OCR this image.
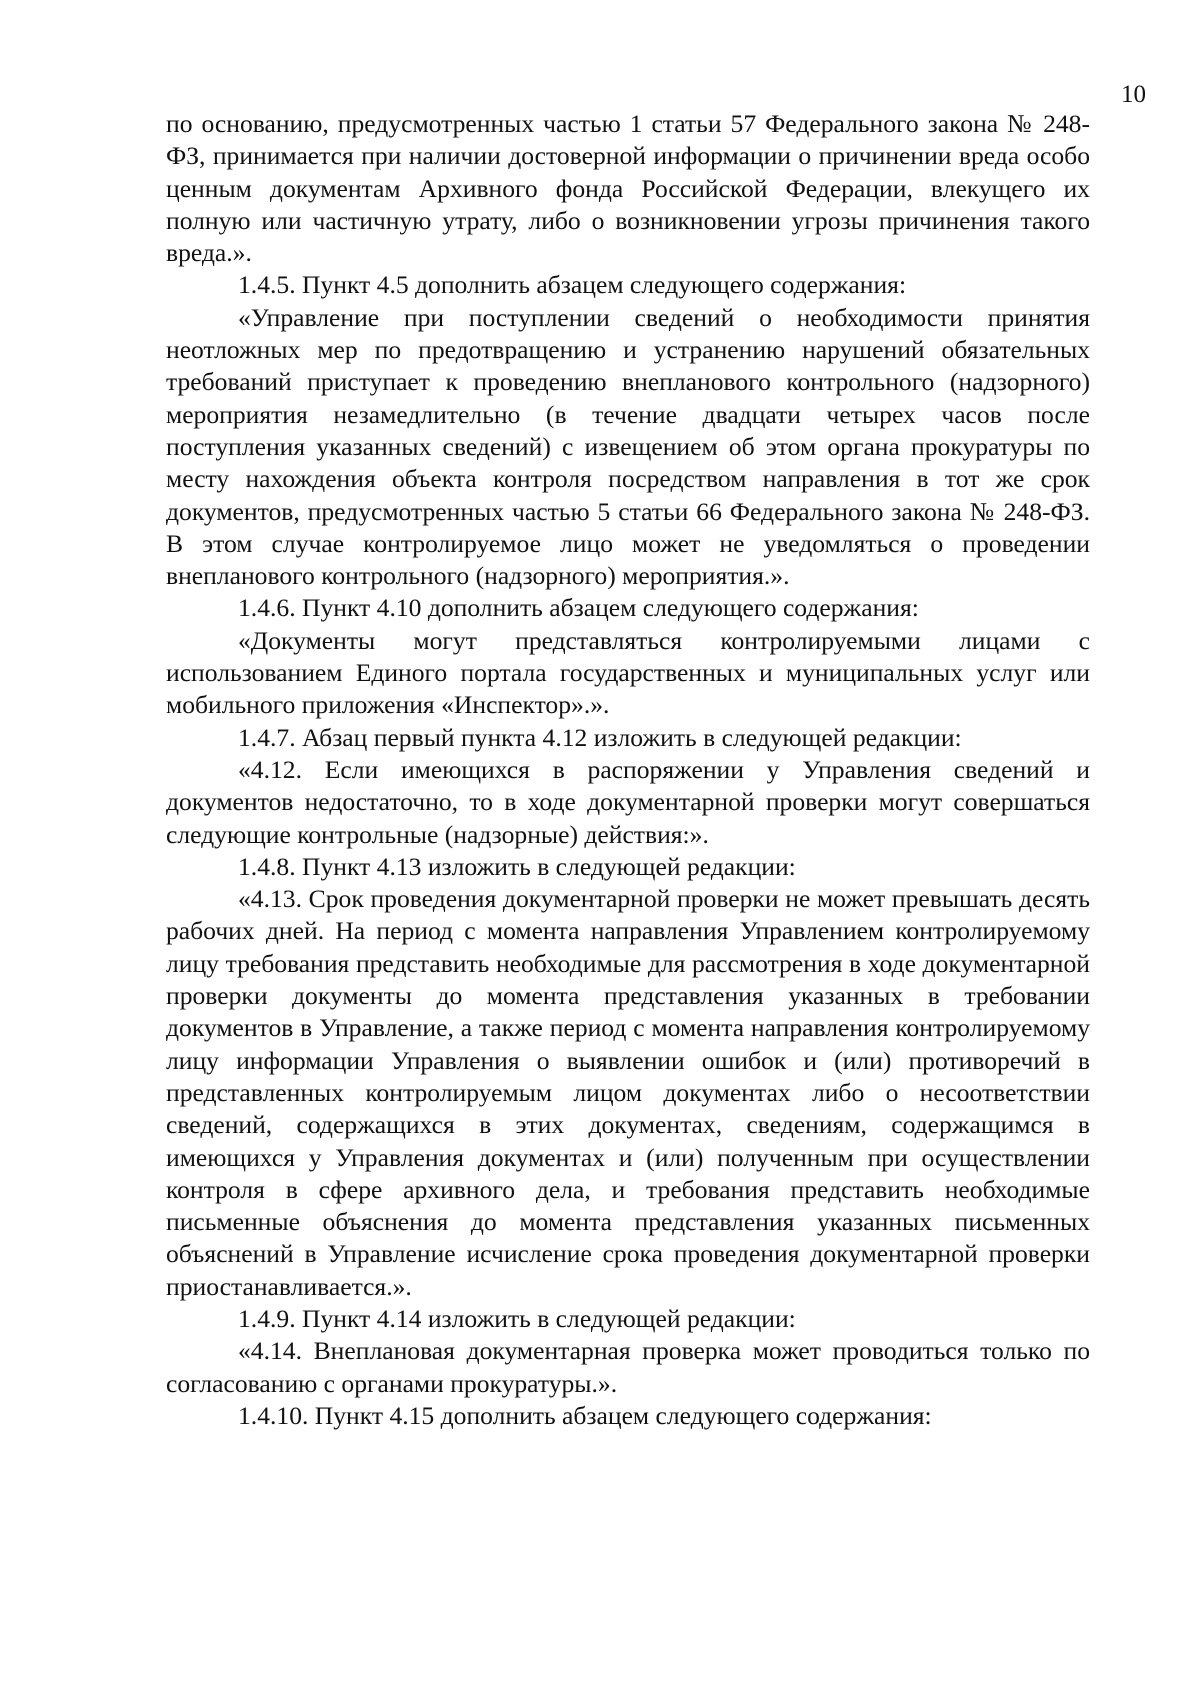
10

по основанию, предусмотренных частью 1 статьи 57 Федерального закона № 248-ФЗ, принимается при наличии достоверной информации о причинении вреда особо ценным документам Архивного фонда Российской Федерации, влекущего их полную или частичную утрату, либо о возникновении угрозы причинения такого вреда.».

1.4.5. Пункт 4.5 дополнить абзацем следующего содержания:

«Управление при поступлении сведений о необходимости принятия неотложных мер по предотвращению и устранению нарушений обязательных требований приступает к проведению внепланового контрольного (надзорного) мероприятия незамедлительно (в течение двадцати четырех часов после поступления указанных сведений) с извещением об этом органа прокуратуры по месту нахождения объекта контроля посредством направления в тот же срок документов, предусмотренных частью 5 статьи 66 Федерального закона № 248-ФЗ. В этом случае контролируемое лицо может не уведомляться о проведении внепланового контрольного (надзорного) мероприятия.».

1.4.6. Пункт 4.10 дополнить абзацем следующего содержания:

«Документы могут представляться контролируемыми лицами с использованием Единого портала государственных и муниципальных услуг или мобильного приложения «Инспектор».».

1.4.7. Абзац первый пункта 4.12 изложить в следующей редакции:

«4.12. Если имеющихся в распоряжении у Управления сведений и документов недостаточно, то в ходе документарной проверки могут совершаться следующие контрольные (надзорные) действия:».

1.4.8. Пункт 4.13 изложить в следующей редакции:

«4.13. Срок проведения документарной проверки не может превышать десять рабочих дней. На период с момента направления Управлением контролируемому лицу требования представить необходимые для рассмотрения в ходе документарной проверки документы до момента представления указанных в требовании документов в Управление, а также период с момента направления контролируемому лицу информации Управления о выявлении ошибок и (или) противоречий в представленных контролируемым лицом документах либо о несоответствии сведений, содержащихся в этих документах, сведениям, содержащимся в имеющихся у Управления документах и (или) полученным при осуществлении контроля в сфере архивного дела, и требования представить необходимые письменные объяснения до момента представления указанных письменных объяснений в Управление исчисление срока проведения документарной проверки приостанавливается.».

1.4.9. Пункт 4.14 изложить в следующей редакции:

«4.14. Внеплановая документарная проверка может проводиться только по согласованию с органами прокуратуры.».

1.4.10. Пункт 4.15 дополнить абзацем следующего содержания:
